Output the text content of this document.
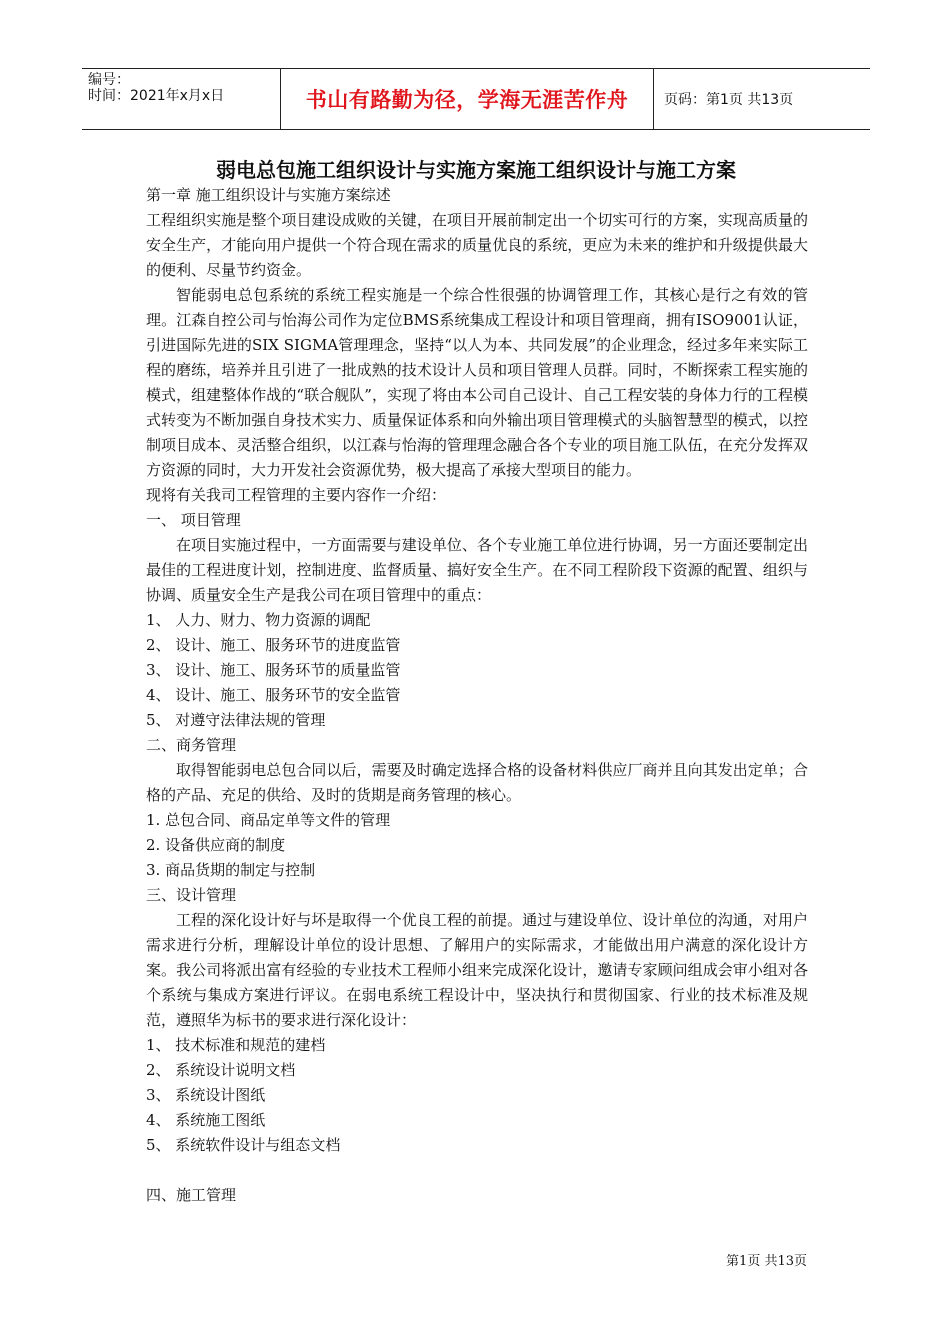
编号：
时间：2021年x月x日	书山有路勤为径，学海无涯苦作舟	页码：第1页 共13页
弱电总包施工组织设计与实施方案施工组织设计与施工方案

第一章 施工组织设计与实施方案综述

工程组织实施是整个项目建设成败的关键，在项目开展前制定出一个切实可行的方案，实现高质量的安全生产，才能向用户提供一个符合现在需求的质量优良的系统，更应为未来的维护和升级提供最大的便利、尽量节约资金。

智能弱电总包系统的系统工程实施是一个综合性很强的协调管理工作，其核心是行之有效的管理。江森自控公司与怡海公司作为定位BMS系统集成工程设计和项目管理商，拥有ISO9001认证，引进国际先进的SIX SIGMA管理理念，坚持“以人为本、共同发展”的企业理念，经过多年来实际工程的磨练，培养并且引进了一批成熟的技术设计人员和项目管理人员群。同时，不断探索工程实施的模式，组建整体作战的“联合舰队”，实现了将由本公司自己设计、自己工程安装的身体力行的工程模式转变为不断加强自身技术实力、质量保证体系和向外输出项目管理模式的头脑智慧型的模式，以控制项目成本、灵活整合组织，以江森与怡海的管理理念融合各个专业的项目施工队伍，在充分发挥双方资源的同时，大力开发社会资源优势，极大提高了承接大型项目的能力。

现将有关我司工程管理的主要内容作一介绍：

一、 项目管理

在项目实施过程中，一方面需要与建设单位、各个专业施工单位进行协调，另一方面还要制定出最佳的工程进度计划，控制进度、监督质量、搞好安全生产。在不同工程阶段下资源的配置、组织与协调、质量安全生产是我公司在项目管理中的重点：

1、 人力、财力、物力资源的调配

2、 设计、施工、服务环节的进度监管

3、 设计、施工、服务环节的质量监管

4、 设计、施工、服务环节的安全监管

5、 对遵守法律法规的管理

二、商务管理

取得智能弱电总包合同以后，需要及时确定选择合格的设备材料供应厂商并且向其发出定单；合格的产品、充足的供给、及时的货期是商务管理的核心。

1. 总包合同、商品定单等文件的管理

2. 设备供应商的制度

3. 商品货期的制定与控制

三、设计管理

工程的深化设计好与坏是取得一个优良工程的前提。通过与建设单位、设计单位的沟通，对用户需求进行分析，理解设计单位的设计思想、了解用户的实际需求，才能做出用户满意的深化设计方案。我公司将派出富有经验的专业技术工程师小组来完成深化设计，邀请专家顾问组成会审小组对各个系统与集成方案进行评议。在弱电系统工程设计中，坚决执行和贯彻国家、行业的技术标准及规范，遵照华为标书的要求进行深化设计：

1、 技术标准和规范的建档

2、 系统设计说明文档

3、 系统设计图纸

4、 系统施工图纸

5、 系统软件设计与组态文档

四、施工管理

第1页 共13页
